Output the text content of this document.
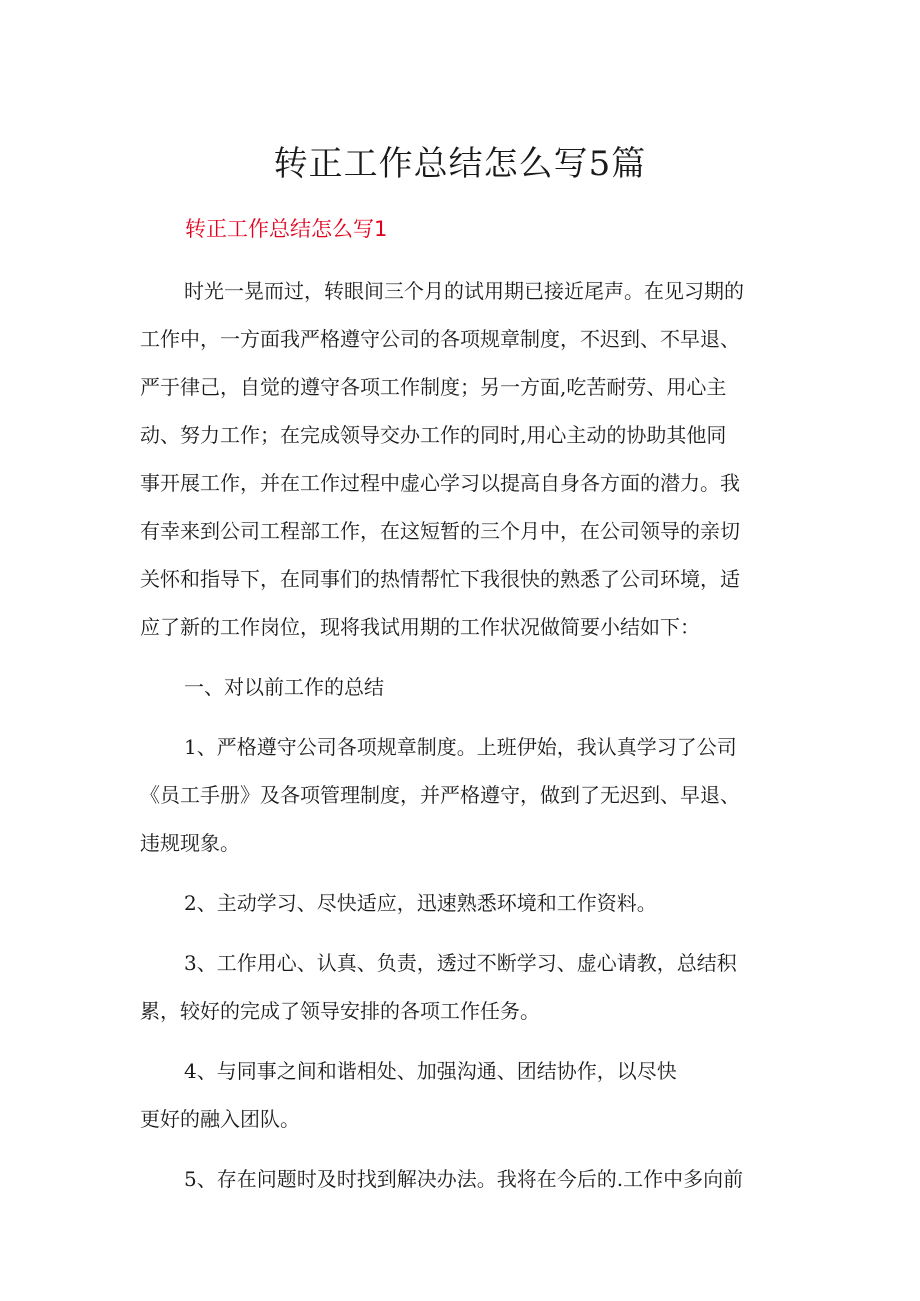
转正工作总结怎么写5篇
转正工作总结怎么写1
时光一晃而过，转眼间三个月的试用期已接近尾声。在见习期的
工作中，一方面我严格遵守公司的各项规章制度，不迟到、不早退、
严于律己，自觉的遵守各项工作制度；另一方面,吃苦耐劳、用心主
动、努力工作；在完成领导交办工作的同时,用心主动的协助其他同
事开展工作，并在工作过程中虚心学习以提高自身各方面的潜力。我
有幸来到公司工程部工作，在这短暂的三个月中，在公司领导的亲切
关怀和指导下，在同事们的热情帮忙下我很快的熟悉了公司环境，适
应了新的工作岗位，现将我试用期的工作状况做简要小结如下：
一、对以前工作的总结
1、严格遵守公司各项规章制度。上班伊始，我认真学习了公司
《员工手册》及各项管理制度，并严格遵守，做到了无迟到、早退、
违规现象。
2、主动学习、尽快适应，迅速熟悉环境和工作资料。
3、工作用心、认真、负责，透过不断学习、虚心请教，总结积
累，较好的完成了领导安排的各项工作任务。
4、与同事之间和谐相处、加强沟通、团结协作，以尽快
更好的融入团队。
5、存在问题时及时找到解决办法。我将在今后的.工作中多向前
